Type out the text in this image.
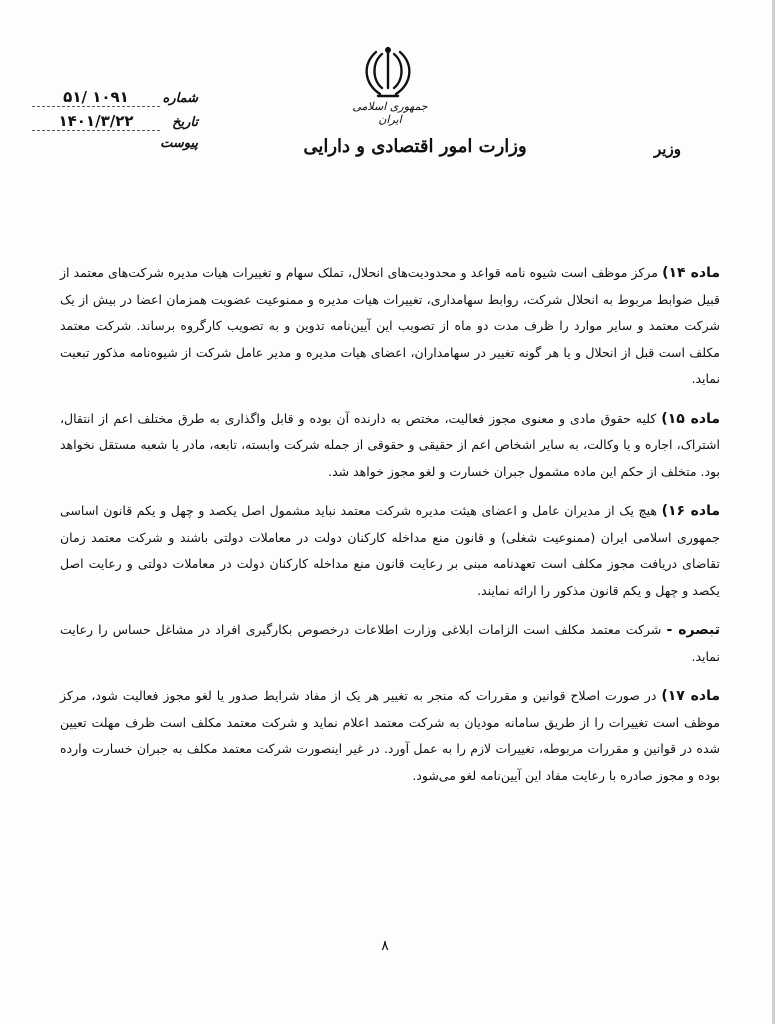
جمهوری اسلامی ایران
وزارت امور اقتصادی و دارایی	وزیر
شماره
۱۰۹۱ /۵۱
تاریخ
۱۴۰۱/۳/۲۲
پیوست

ماده ۱۴) مرکز موظف است شیوه نامه قواعد و محدودیت‌های انحلال، تملک سهام و تغییرات هیات مدیره شرکت‌های معتمد از قبیل ضوابط مربوط به انحلال شرکت، روابط سهامداری، تغییرات هیات مدیره و ممنوعیت عضویت همزمان اعضا در بیش از یک شرکت معتمد و سایر موارد را ظرف مدت دو ماه از تصویب این آیین‌نامه تدوین و به تصویب کارگروه برساند. شرکت معتمد مکلف است قبل از انحلال و یا هر گونه تغییر در سهامداران، اعضای هیات مدیره و مدیر عامل شرکت از شیوه‌نامه مذکور تبعیت نماید.

ماده ۱۵) کلیه حقوق مادی و معنوی مجوز فعالیت، مختص به دارنده آن بوده و قابل واگذاری به طرق مختلف اعم از انتقال، اشتراک، اجاره و یا وکالت، به سایر اشخاص اعم از حقیقی و حقوقی از جمله شرکت وابسته، تابعه، مادر یا شعبه مستقل نخواهد بود. متخلف از حکم این ماده مشمول جبران خسارت و لغو مجوز خواهد شد.

ماده ۱۶) هیچ یک از مدیران عامل و اعضای هیئت مدیره شرکت معتمد نباید مشمول اصل یکصد و چهل و یکم قانون اساسی جمهوری اسلامی ایران (ممنوعیت شغلی) و قانون منع مداخله کارکنان دولت در معاملات دولتی باشند و شرکت معتمد زمان تقاضای دریافت مجوز مکلف است تعهدنامه مبنی بر رعایت قانون منع مداخله کارکنان دولت در معاملات دولتی و رعایت اصل یکصد و چهل و یکم قانون مذکور را ارائه نمایند.

تبصره - شرکت معتمد مکلف است الزامات ابلاغی وزارت اطلاعات درخصوص بکارگیری افراد در مشاغل حساس را رعایت نماید.

ماده ۱۷) در صورت اصلاح قوانین و مقررات که منجر به تغییر هر یک از مفاد شرایط صدور یا لغو مجوز فعالیت شود، مرکز موظف است تغییرات را از طریق سامانه مودیان به شرکت معتمد اعلام نماید و شرکت معتمد مکلف است ظرف مهلت تعیین شده در قوانین و مقررات مربوطه، تغییرات لازم را به عمل آورد. در غیر اینصورت شرکت معتمد مکلف به جبران خسارت وارده بوده و مجوز صادره با رعایت مفاد این آیین‌نامه لغو می‌شود.

۸
